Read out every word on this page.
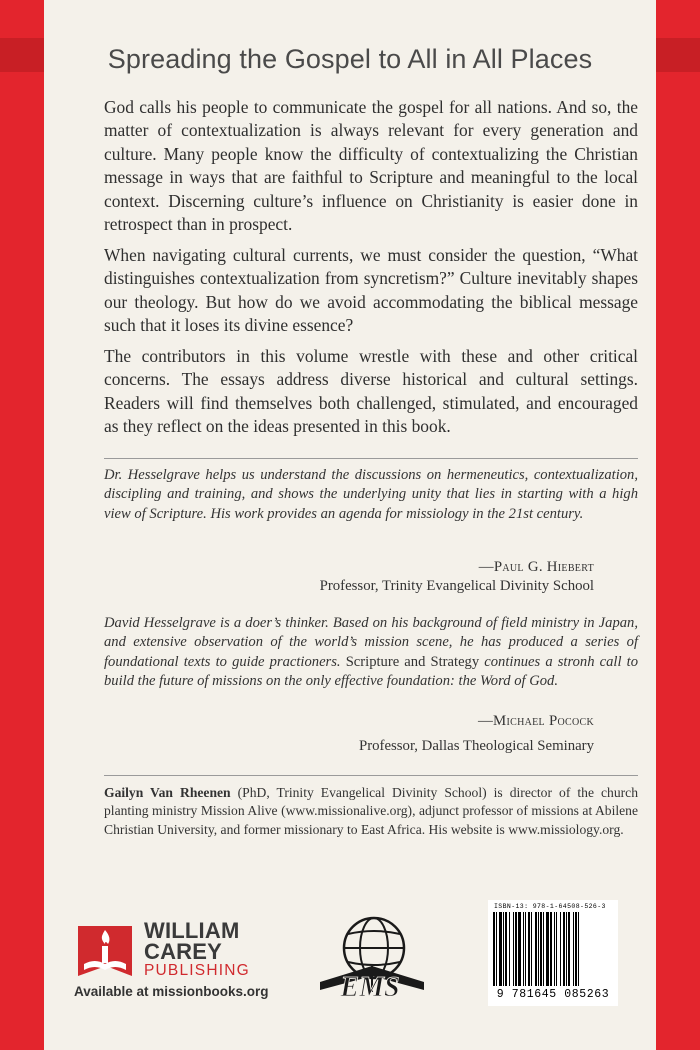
Spreading the Gospel to All in All Places
God calls his people to communicate the gospel for all nations. And so, the matter of contextualization is always relevant for every generation and culture. Many people know the difficulty of contextualizing the Christian message in ways that are faithful to Scripture and meaningful to the local context. Discerning culture’s influence on Christianity is easier done in retrospect than in prospect.
When navigating cultural currents, we must consider the question, “What distinguishes contextualization from syncretism?” Culture inevitably shapes our theology. But how do we avoid accommodating the biblical message such that it loses its divine essence?
The contributors in this volume wrestle with these and other critical concerns. The essays address diverse historical and cultural settings. Readers will find themselves both challenged, stimulated, and encouraged as they reflect on the ideas presented in this book.
Dr. Hesselgrave helps us understand the discussions on hermeneutics, contextualization, discipling and training, and shows the underlying unity that lies in starting with a high view of Scripture. His work provides an agenda for missiology in the 21st century.
—Paul G. Hiebert
Professor, Trinity Evangelical Divinity School
David Hesselgrave is a doer’s thinker. Based on his background of field ministry in Japan, and extensive observation of the world’s mission scene, he has produced a series of foundational texts to guide practioners. Scripture and Strategy continues a stronh call to build the future of missions on the only effective foundation: the Word of God.
—Michael Pocock
Professor, Dallas Theological Seminary
Gailyn Van Rheenen (PhD, Trinity Evangelical Divinity School) is director of the church planting ministry Mission Alive (www.missionalive.org), adjunct professor of missions at Abilene Christian University, and former missionary to East Africa. His website is www.missiology.org.
WILLIAM
CAREY
PUBLISHING
Available at missionbooks.org	EMS
ISBN-13: 978-1-64508-526-3
9 781645 085263
